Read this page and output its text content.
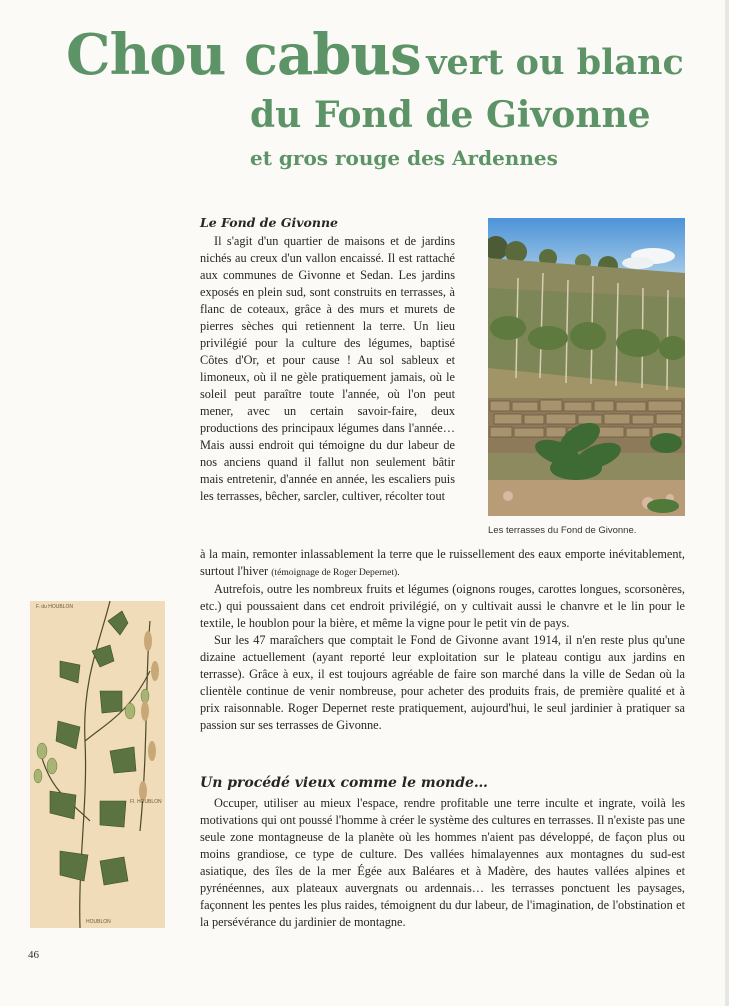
Chou cabus vert ou blanc
du Fond de Givonne
et gros rouge des Ardennes
Le Fond de Givonne

Il s'agit d'un quartier de maisons et de jardins nichés au creux d'un vallon encaissé. Il est rattaché aux communes de Givonne et Sedan. Les jardins exposés en plein sud, sont construits en terrasses, à flanc de coteaux, grâce à des murs et murets de pierres sèches qui retiennent la terre. Un lieu privilégié pour la culture des légumes, baptisé Côtes d'Or, et pour cause ! Au sol sableux et limoneux, où il ne gèle pratiquement jamais, où le soleil peut paraître toute l'année, où l'on peut mener, avec un certain savoir-faire, deux productions des principaux légumes dans l'année… Mais aussi endroit qui témoigne du dur labeur de nos anciens quand il fallut non seulement bâtir mais entretenir, d'année en année, les escaliers puis les terrasses, bêcher, sarcler, cultiver, récolter tout

Les terrasses du Fond de Givonne.

à la main, remonter inlassablement la terre que le ruissellement des eaux emporte inévitablement, surtout l'hiver (témoignage de Roger Depernet).

Autrefois, outre les nombreux fruits et légumes (oignons rouges, carottes longues, scorsonères, etc.) qui poussaient dans cet endroit privilégié, on y cultivait aussi le chanvre et le lin pour le textile, le houblon pour la bière, et même la vigne pour le petit vin de pays.

Sur les 47 maraîchers que comptait le Fond de Givonne avant 1914, il n'en reste plus qu'une dizaine actuellement (ayant reporté leur exploitation sur le plateau contigu aux jardins en terrasse). Grâce à eux, il est toujours agréable de faire son marché dans la ville de Sedan où la clientèle continue de venir nombreuse, pour acheter des produits frais, de première qualité et à prix raisonnable. Roger Depernet reste pratiquement, aujourd'hui, le seul jardinier à pratiquer sa passion sur ses terrasses de Givonne.

Un procédé vieux comme le monde…

Occuper, utiliser au mieux l'espace, rendre profitable une terre inculte et ingrate, voilà les motivations qui ont poussé l'homme à créer le système des cultures en terrasses. Il n'existe pas une seule zone montagneuse de la planète où les hommes n'aient pas développé, de façon plus ou moins grandiose, ce type de culture. Des vallées himalayennes aux montagnes du sud-est asiatique, des îles de la mer Égée aux Baléares et à Madère, des hautes vallées alpines et pyrénéennes, aux plateaux auvergnats ou ardennais… les terrasses ponctuent les paysages, façonnent les pentes les plus raides, témoignent du dur labeur, de l'imagination, de l'obstination et la persévérance du jardinier de montagne.

F. du HOUBLON
Fl. HOUBLON
HOUBLON
46
